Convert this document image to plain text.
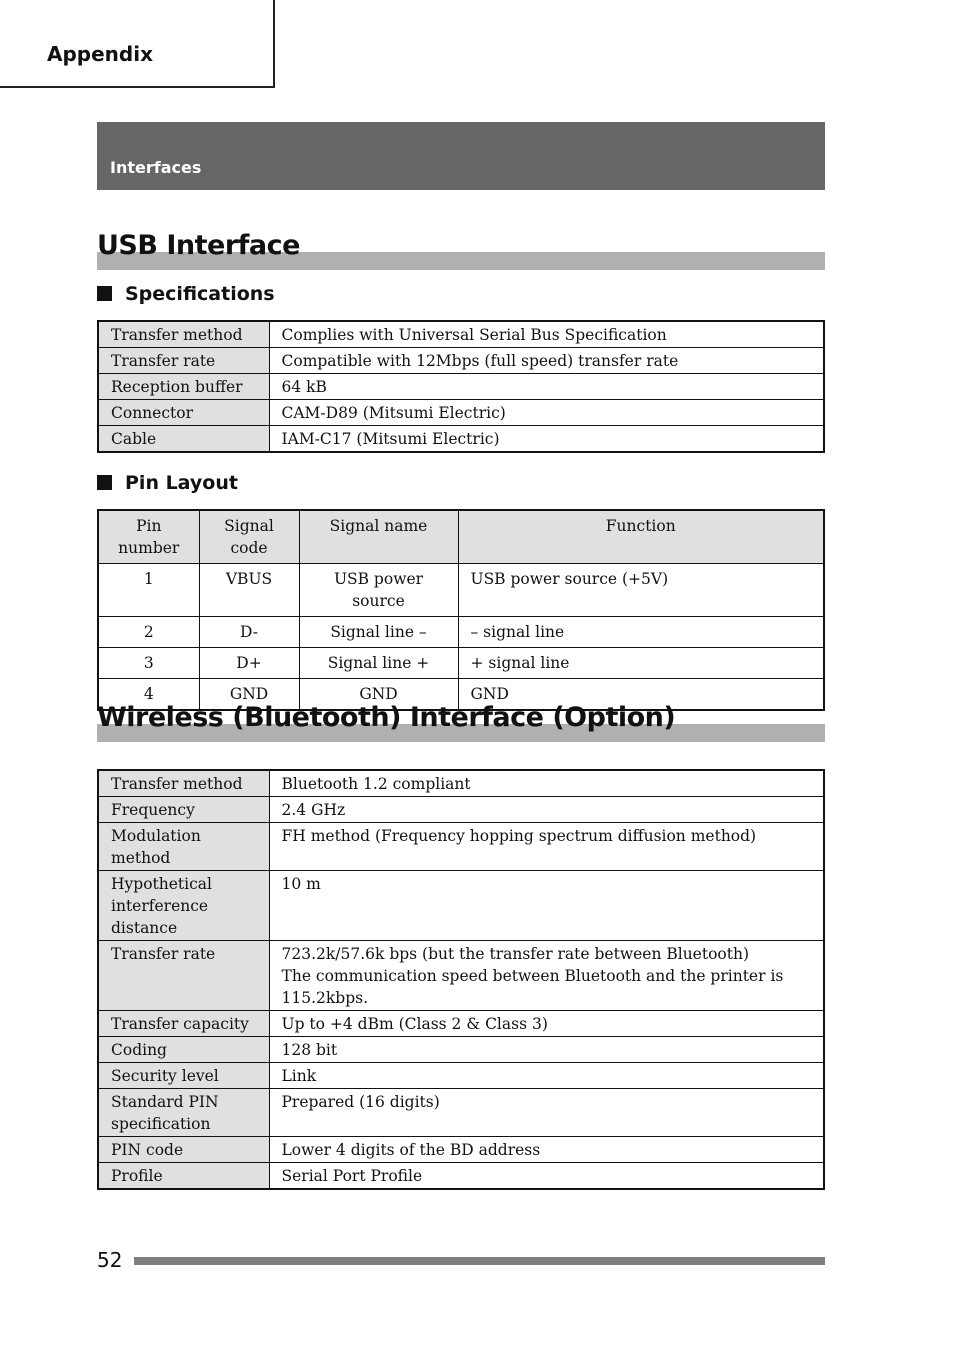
Appendix
Interfaces
USB Interface
Specifications
Transfer method	Complies with Universal Serial Bus Specification
Transfer rate	Compatible with 12Mbps (full speed) transfer rate
Reception buffer	64 kB
Connector	CAM-D89 (Mitsumi Electric)
Cable	IAM-C17 (Mitsumi Electric)
Pin Layout
Pin number	Signal code	Signal name	Function
1	VBUS	USB power source	USB power source (+5V)
2	D-	Signal line –	– signal line
3	D+	Signal line +	+ signal line
4	GND	GND	GND
Wireless (Bluetooth) Interface (Option)
Transfer method	Bluetooth 1.2 compliant
Frequency	2.4 GHz
Modulation method	FH method (Frequency hopping spectrum diffusion method)
Hypothetical interference distance	10 m
Transfer rate	723.2k/57.6k bps (but the transfer rate between Bluetooth)
The communication speed between Bluetooth and the printer is 115.2kbps.

Transfer capacity	Up to +4 dBm (Class 2 & Class 3)
Coding	128 bit
Security level	Link
Standard PIN specification	Prepared (16 digits)
PIN code	Lower 4 digits of the BD address
Profile	Serial Port Profile
52
